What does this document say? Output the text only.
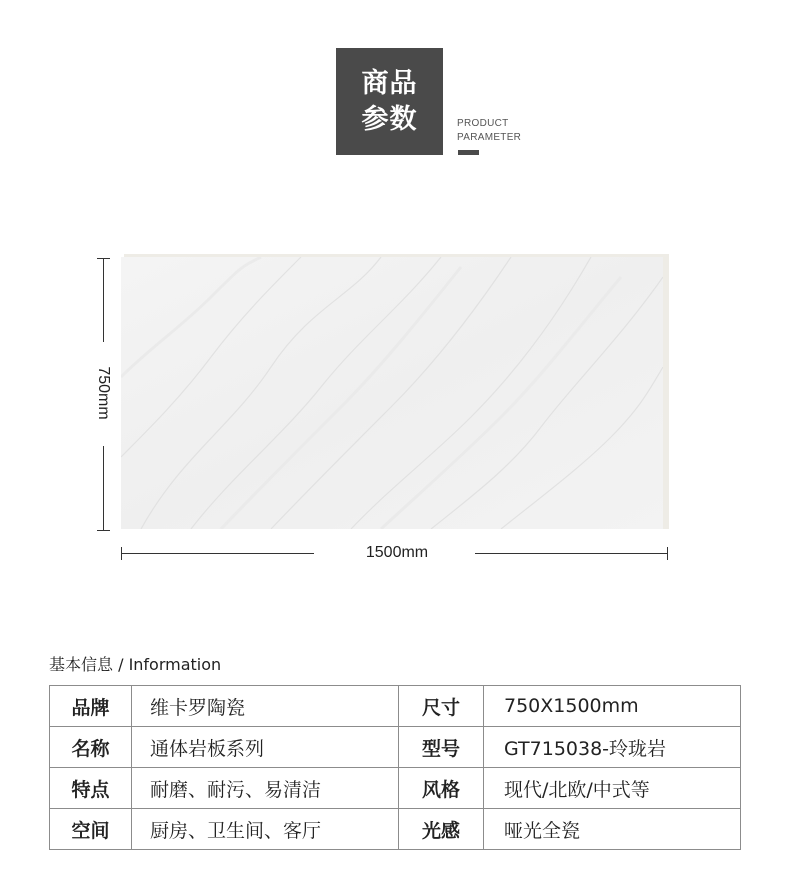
商品
参数	PRODUCT
PARAMETER
750mm
1500mm
基本信息 / Information
品牌	维卡罗陶瓷	尺寸	750X1500mm
名称	通体岩板系列	型号	GT715038-玲珑岩
特点	耐磨、耐污、易清洁	风格	现代/北欧/中式等
空间	厨房、卫生间、客厅	光感	哑光全瓷
